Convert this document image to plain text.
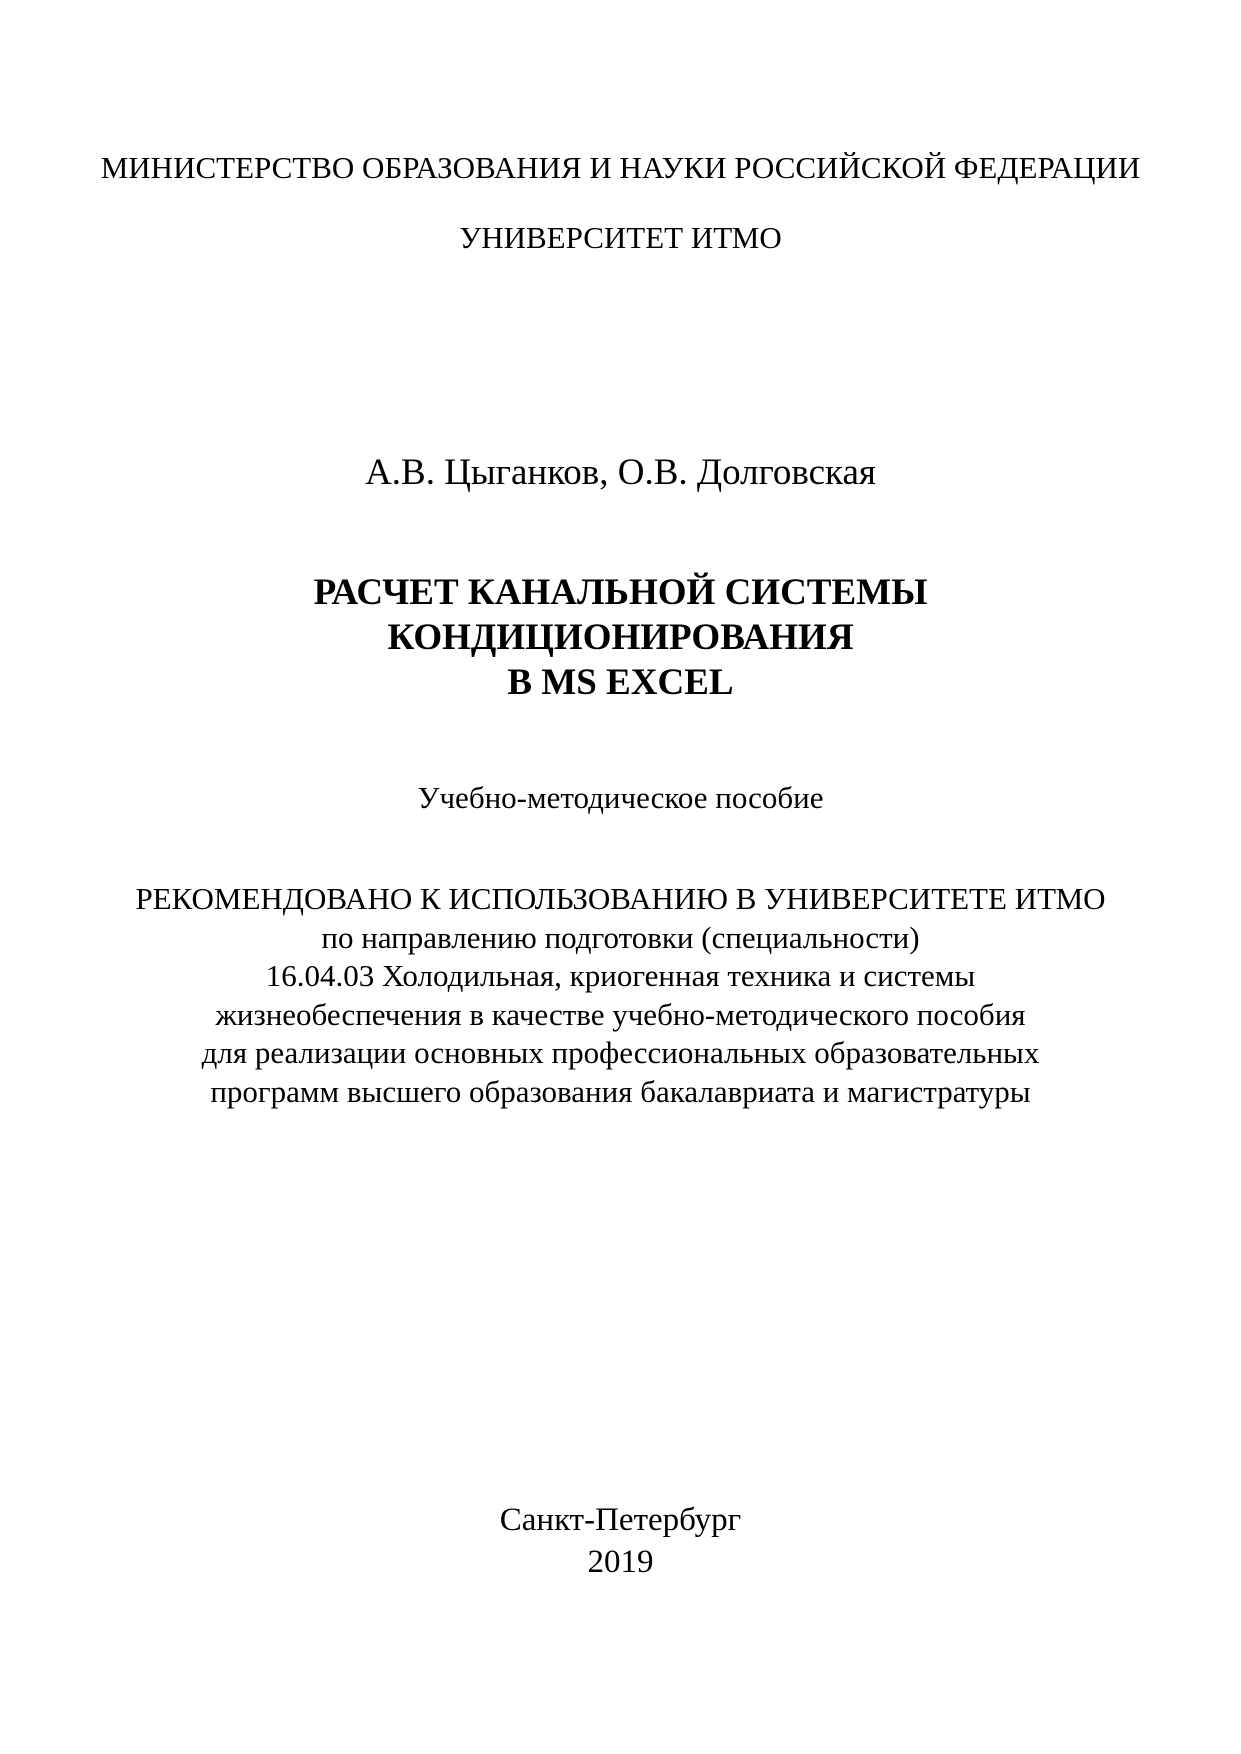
МИНИСТЕРСТВО ОБРАЗОВАНИЯ И НАУКИ РОССИЙСКОЙ ФЕДЕРАЦИИ
УНИВЕРСИТЕТ ИТМО
А.В. Цыганков, О.В. Долговская
РАСЧЕТ КАНАЛЬНОЙ СИСТЕМЫ
КОНДИЦИОНИРОВАНИЯ
В MS EXCEL
Учебно-методическое пособие
РЕКОМЕНДОВАНО К ИСПОЛЬЗОВАНИЮ В УНИВЕРСИТЕТЕ ИТМО
по направлению подготовки (специальности)
16.04.03 Холодильная, криогенная техника и системы
жизнеобеспечения в качестве учебно-методического пособия
для реализации основных профессиональных образовательных
программ высшего образования бакалавриата и магистратуры
Санкт-Петербург
2019
